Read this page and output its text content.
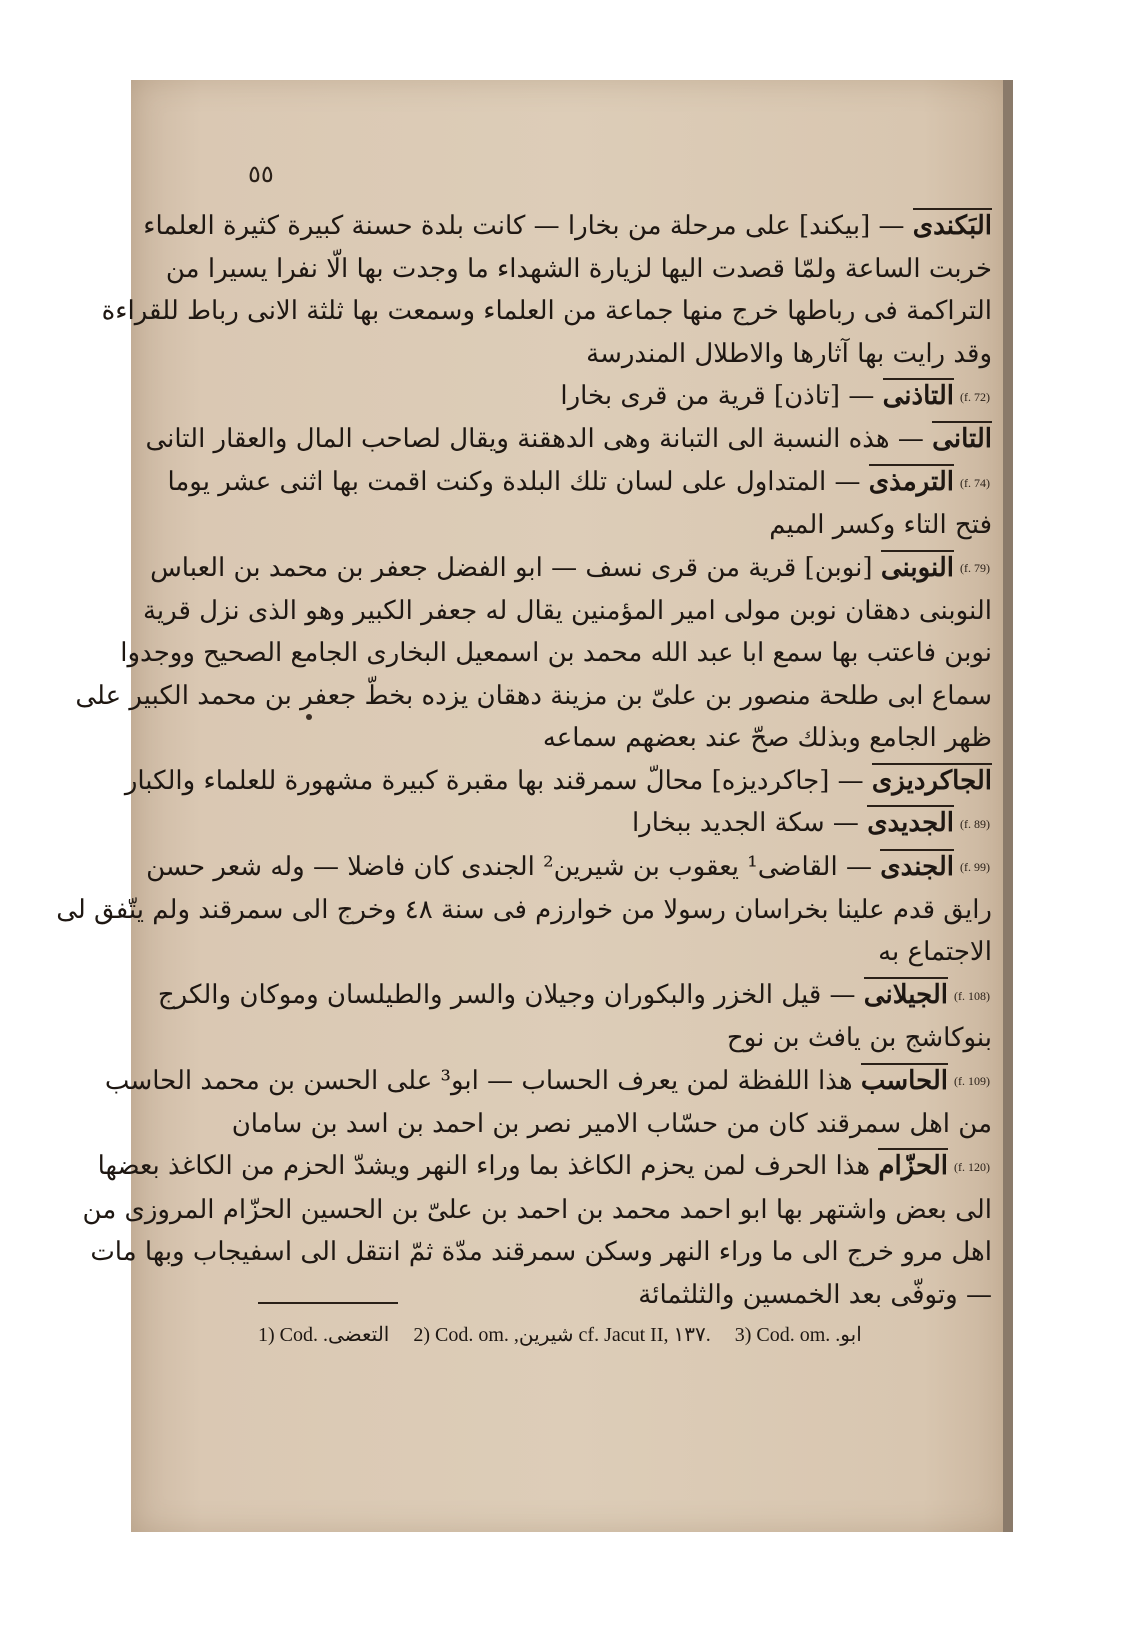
٥٥
البَكندى — [بيكند] على مرحلة من بخارا — كانت بلدة حسنة كبيرة كثيرة العلماء
خربت الساعة ولمّا قصدت اليها لزيارة الشهداء ما وجدت بها الّا نفرا يسيرا من
التراكمة فى رباطها خرج منها جماعة من العلماء وسمعت بها ثلثة الانى رباط للقراءة
وقد رايت بها آثارها والاطلال المندرسة
(f. 72)التاذنى — [تاذن] قرية من قرى بخارا
التانى — هذه النسبة الى التبانة وهى الدهقنة ويقال لصاحب المال والعقار التانى
(f. 74)الترمذى — المتداول على لسان تلك البلدة وكنت اقمت بها اثنى عشر يوما
فتح التاء وكسر الميم
(f. 79)النوبنى [نوبن] قرية من قرى نسف — ابو الفضل جعفر بن محمد بن العباس
النوبنى دهقان نوبن مولى امير المؤمنين يقال له جعفر الكبير وهو الذى نزل قرية
نوبن فاعتب بها سمع ابا عبد الله محمد بن اسمعيل البخارى الجامع الصحيح ووجدوا
سماع ابى طلحة منصور بن علىّ بن مزينة دهقان يزده بخطّ جعفر بن محمد الكبير على
ظهر الجامع وبذلك صحّ عند بعضهم سماعه
الجاكرديزى — [جاكرديزه] محالّ سمرقند بها مقبرة كبيرة مشهورة للعلماء والكبار
(f. 89)الجديدى — سكة الجديد ببخارا
(f. 99)الجندى — القاضى¹ يعقوب بن شيرين² الجندى كان فاضلا — وله شعر حسن
رايق قدم علينا بخراسان رسولا من خوارزم فى سنة ٤٨ وخرج الى سمرقند ولم يتّفق لى
الاجتماع به
(f. 108)الجيلانى — قيل الخزر والبكوران وجيلان والسر والطيلسان وموكان والكرج
بنوكاشج بن يافث بن نوح
(f. 109)الحاسب هذا اللفظة لمن يعرف الحساب — ابو³ على الحسن بن محمد الحاسب
من اهل سمرقند كان من حسّاب الامير نصر بن احمد بن اسد بن سامان
(f. 120)الحزّام هذا الحرف لمن يحزم الكاغذ بما وراء النهر ويشدّ الحزم من الكاغذ بعضها
الى بعض واشتهر بها ابو احمد محمد بن احمد بن علىّ بن الحسين الحزّام المروزى من
اهل مرو خرج الى ما وراء النهر وسكن سمرقند مدّة ثمّ انتقل الى اسفيجاب وبها مات
— وتوفّى بعد الخمسين والثلثمائة
1) Cod. التعضى. 2) Cod. om. شيرين, cf. Jacut II, ١٣٧. 3) Cod. om. ابو.
